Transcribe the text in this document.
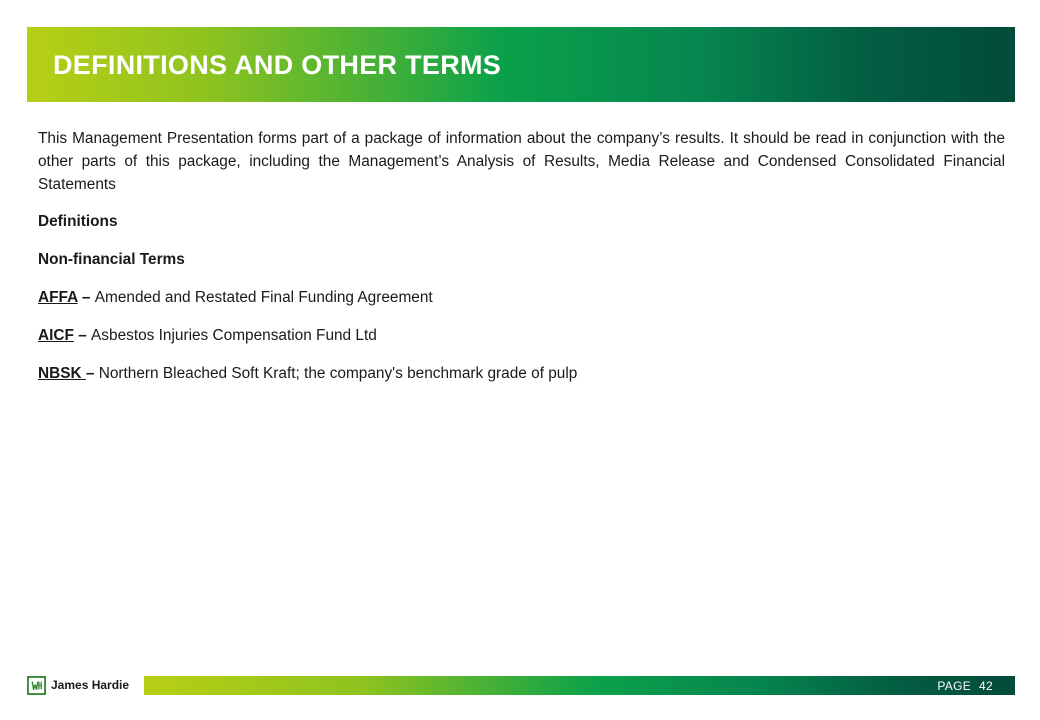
DEFINITIONS AND OTHER TERMS

This Management Presentation forms part of a package of information about the company’s results. It should be read in conjunction with the other parts of this package, including the Management’s Analysis of Results, Media Release and Condensed Consolidated Financial Statements

Definitions

Non-financial Terms

AFFA – Amended and Restated Final Funding Agreement

AICF – Asbestos Injuries Compensation Fund Ltd

NBSK – Northern Bleached Soft Kraft; the company's benchmark grade of pulp

James Hardie	PAGE 42
